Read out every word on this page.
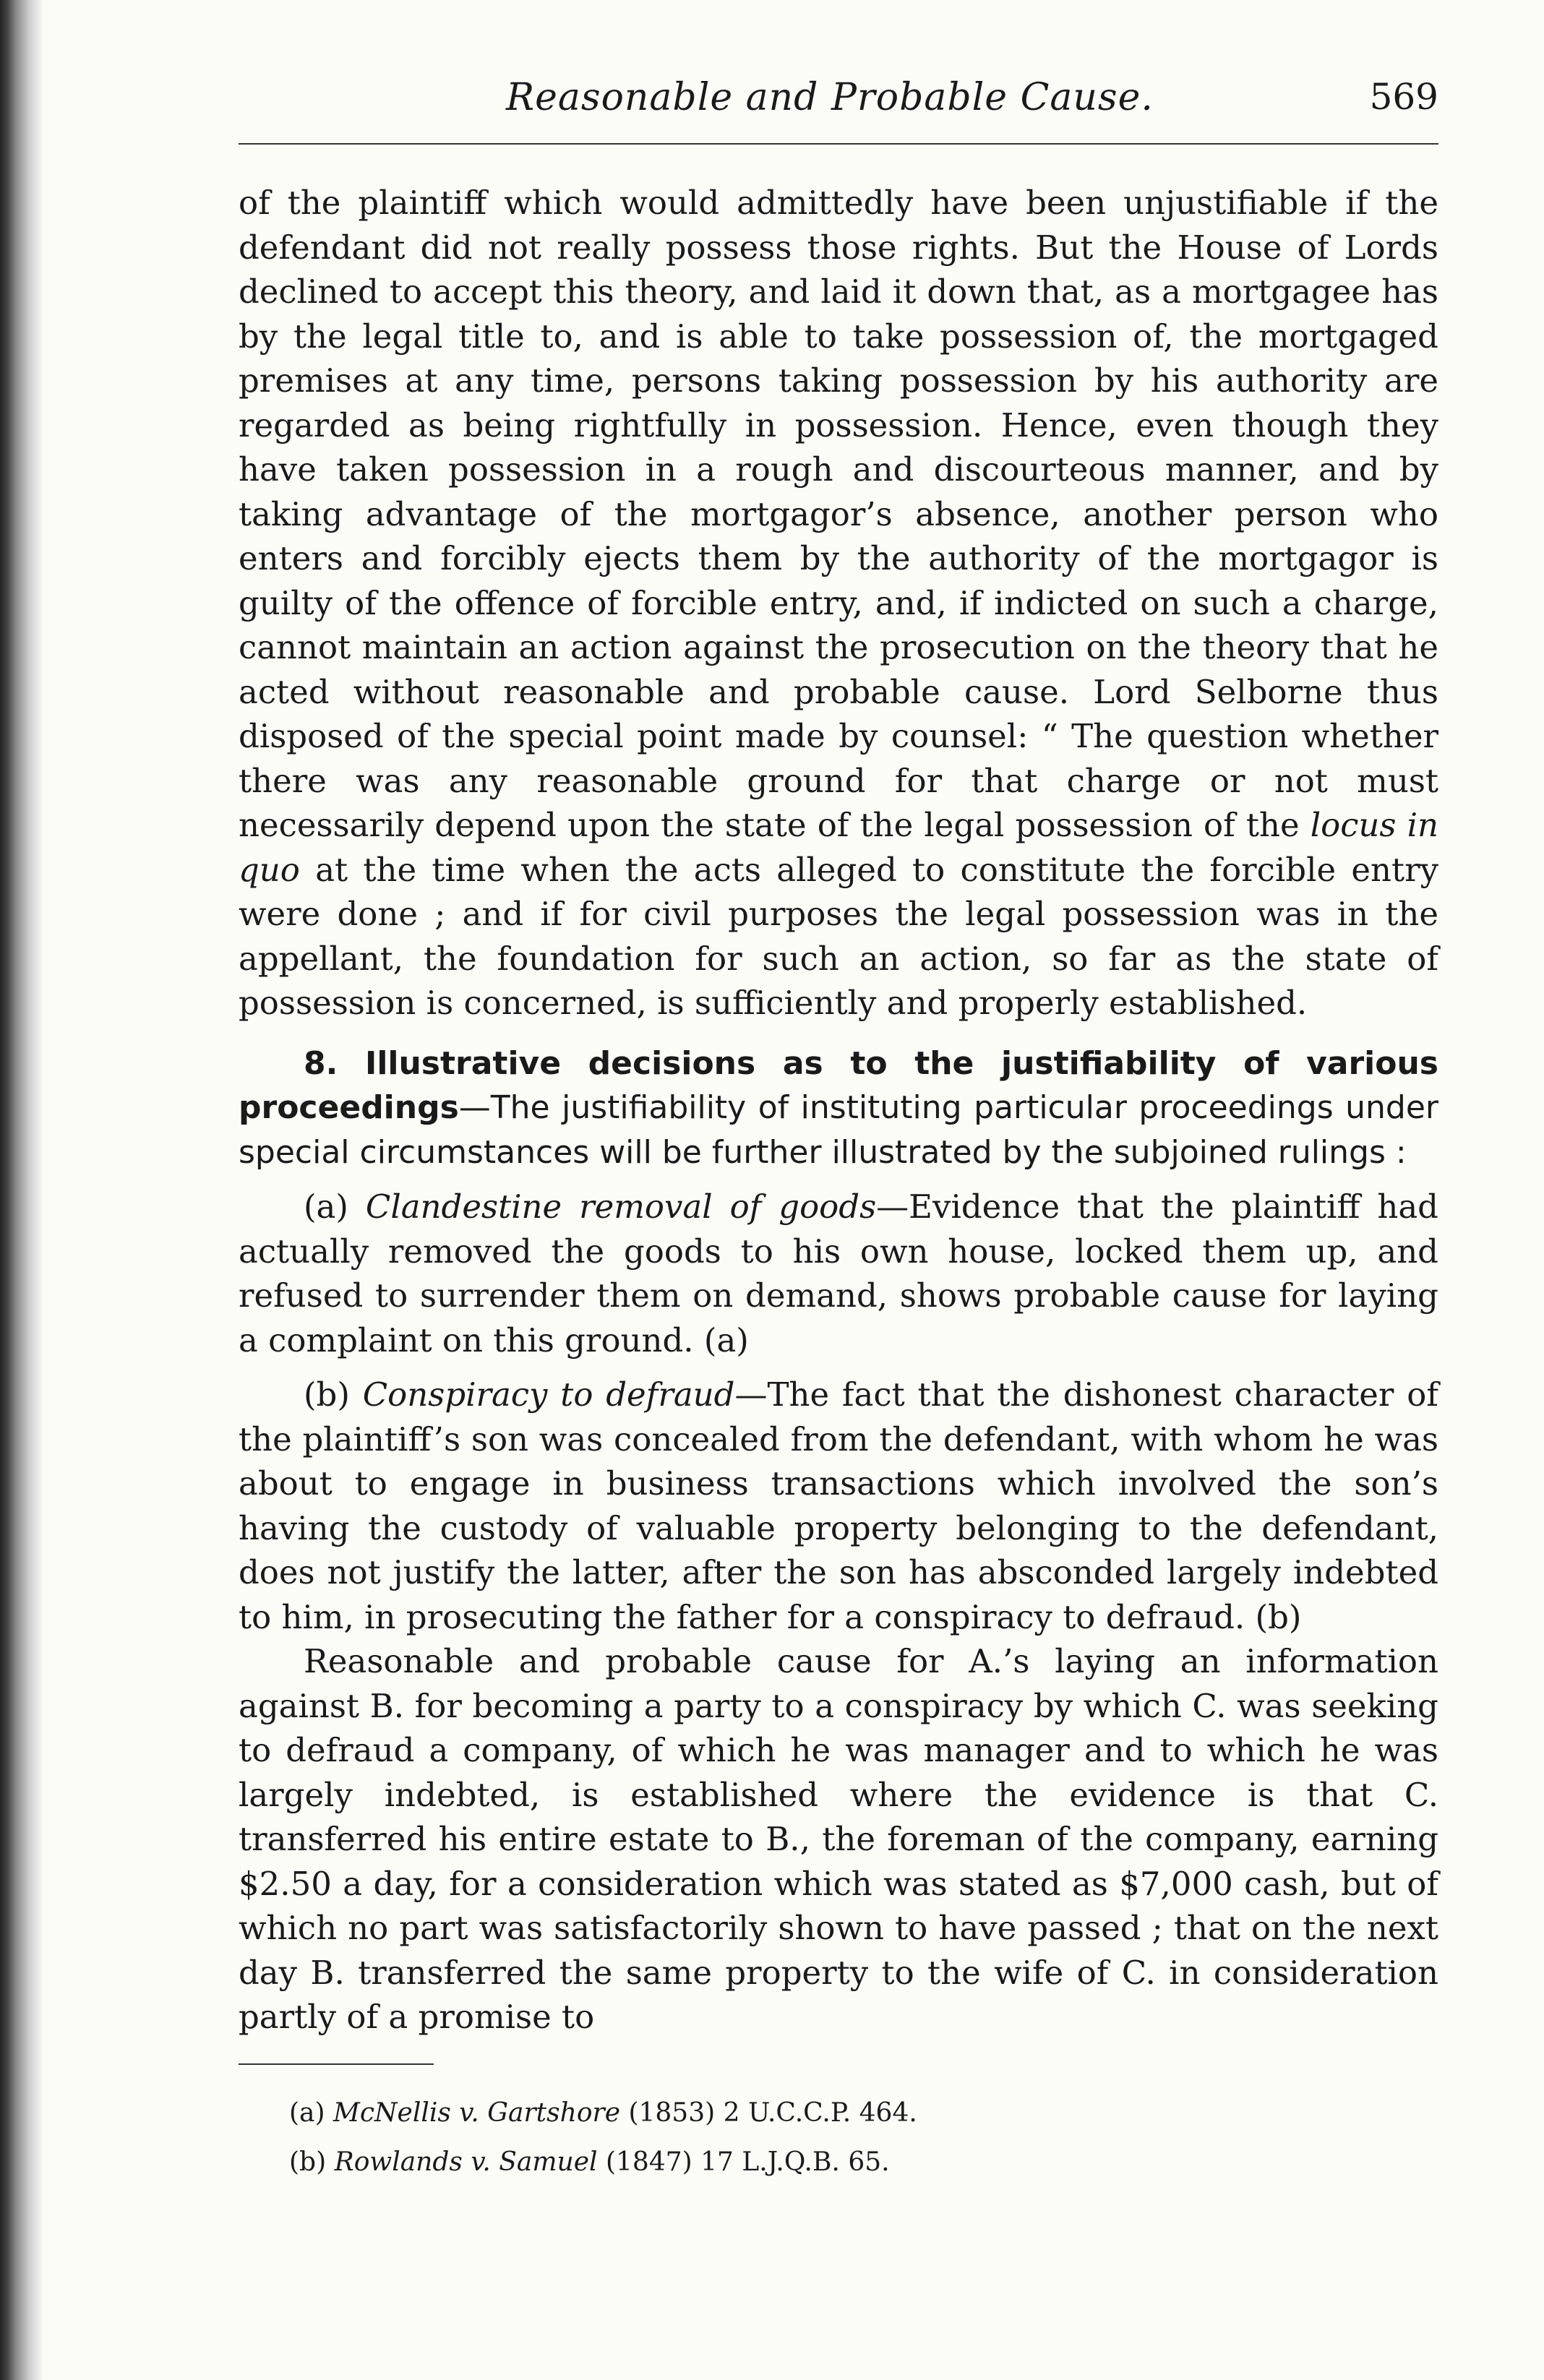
Reasonable and Probable Cause.	569

of the plaintiff which would admittedly have been unjustifiable if the defendant did not really possess those rights. But the House of Lords declined to accept this theory, and laid it down that, as a mortgagee has by the legal title to, and is able to take possession of, the mortgaged premises at any time, persons taking possession by his authority are regarded as being rightfully in possession. Hence, even though they have taken possession in a rough and discourteous manner, and by taking advantage of the mortgagor’s absence, another person who enters and forcibly ejects them by the authority of the mortgagor is guilty of the offence of forcible entry, and, if indicted on such a charge, cannot maintain an action against the prosecution on the theory that he acted without reasonable and probable cause. Lord Selborne thus disposed of the special point made by counsel: “ The question whether there was any reasonable ground for that charge or not must necessarily depend upon the state of the legal possession of the locus in quo at the time when the acts alleged to constitute the forcible entry were done ; and if for civil purposes the legal possession was in the appellant, the foundation for such an action, so far as the state of possession is concerned, is sufficiently and properly established.

8. Illustrative decisions as to the justifiability of various proceedings—The justifiability of instituting particular proceedings under special circumstances will be further illustrated by the subjoined rulings :

(a) Clandestine removal of goods—Evidence that the plaintiff had actually removed the goods to his own house, locked them up, and refused to surrender them on demand, shows probable cause for laying a complaint on this ground. (a)

(b) Conspiracy to defraud—The fact that the dishonest character of the plaintiff’s son was concealed from the defendant, with whom he was about to engage in business transactions which involved the son’s having the custody of valuable property belonging to the defendant, does not justify the latter, after the son has absconded largely indebted to him, in prosecuting the father for a conspiracy to defraud. (b)

Reasonable and probable cause for A.’s laying an information against B. for becoming a party to a conspiracy by which C. was seeking to defraud a company, of which he was manager and to which he was largely indebted, is established where the evidence is that C. transferred his entire estate to B., the foreman of the company, earning $2.50 a day, for a consideration which was stated as $7,000 cash, but of which no part was satisfactorily shown to have passed ; that on the next day B. transferred the same property to the wife of C. in consideration partly of a promise to

(a) McNellis v. Gartshore (1853) 2 U.C.C.P. 464.

(b) Rowlands v. Samuel (1847) 17 L.J.Q.B. 65.
